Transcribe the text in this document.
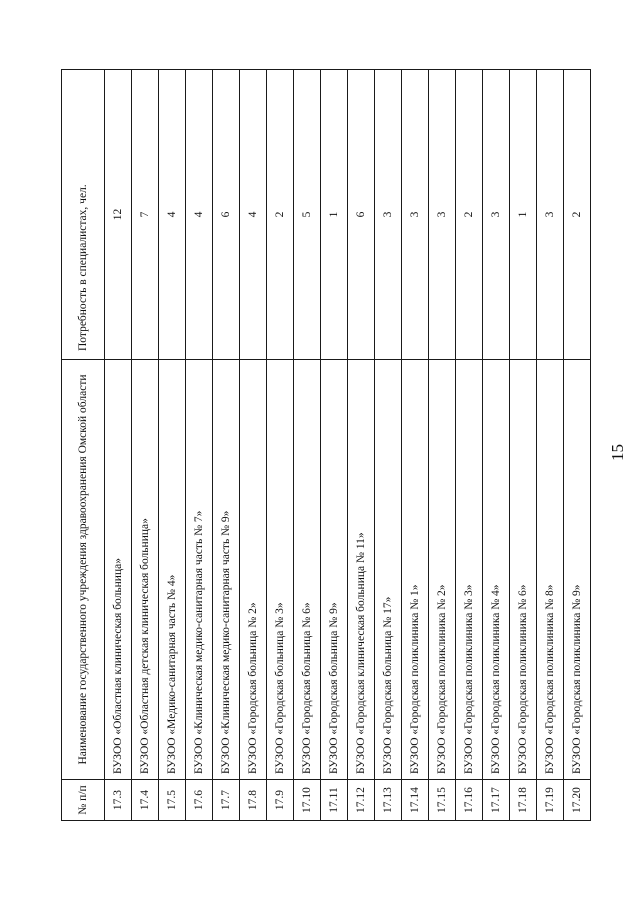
15
№ п/п	Наименование государственного учреждения здравоохранения Омской области	Потребность в специалистах, чел.
17.3	БУЗОО «Областная клиническая больница»	12
17.4	БУЗОО «Областная детская клиническая больница»	7
17.5	БУЗОО «Медико-санитарная часть № 4»	4
17.6	БУЗОО «Клиническая медико-санитарная часть № 7»	4
17.7	БУЗОО «Клиническая медико-санитарная часть № 9»	6
17.8	БУЗОО «Городская больница № 2»	4
17.9	БУЗОО «Городская больница № 3»	2
17.10	БУЗОО «Городская больница № 6»	5
17.11	БУЗОО «Городская больница № 9»	1
17.12	БУЗОО «Городская клиническая больница № 11»	6
17.13	БУЗОО «Городская больница № 17»	3
17.14	БУЗОО «Городская поликлиника № 1»	3
17.15	БУЗОО «Городская поликлиника № 2»	3
17.16	БУЗОО «Городская поликлиника № 3»	2
17.17	БУЗОО «Городская поликлиника № 4»	3
17.18	БУЗОО «Городская поликлиника № 6»	1
17.19	БУЗОО «Городская поликлиника № 8»	3
17.20	БУЗОО «Городская поликлиника № 9»	2
